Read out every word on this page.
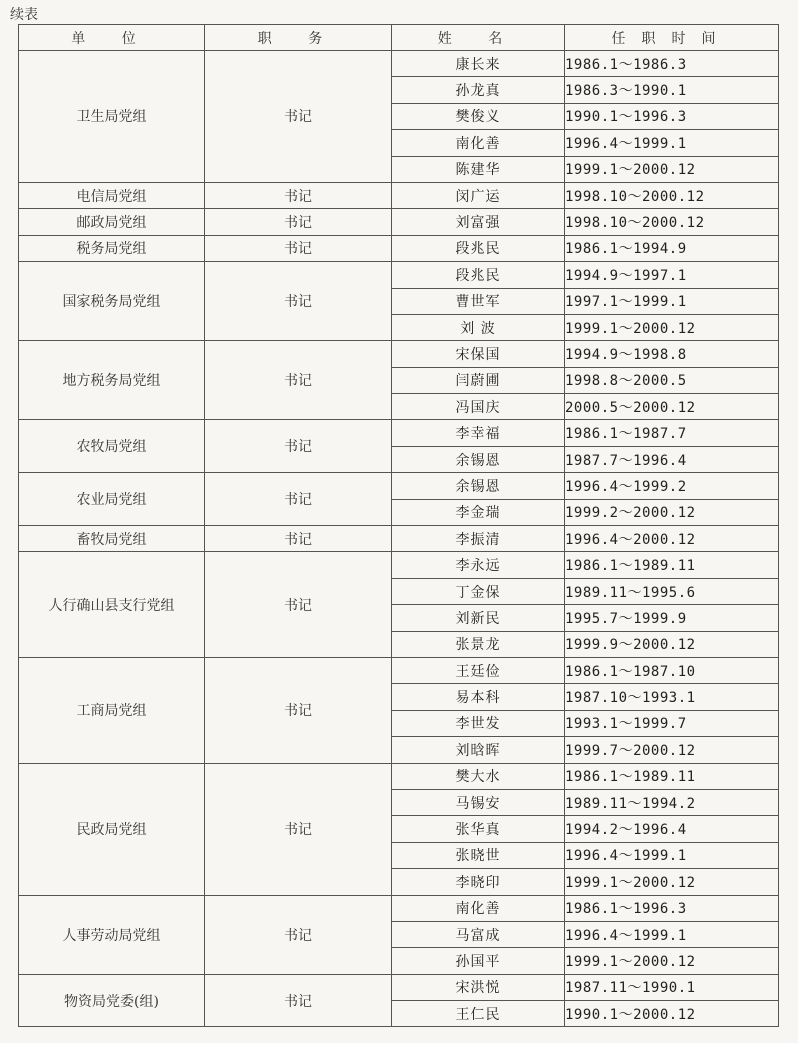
续表
单 位	职 务	姓 名	任职时间
卫生局党组	书记	康长来	1986.1～1986.3
		孙龙真	1986.3～1990.1
		樊俊义	1990.1～1996.3
		南化善	1996.4～1999.1
		陈建华	1999.1～2000.12
电信局党组	书记	闵广运	1998.10～2000.12
邮政局党组	书记	刘富强	1998.10～2000.12
税务局党组	书记	段兆民	1986.1～1994.9
国家税务局党组	书记	段兆民	1994.9～1997.1
		曹世军	1997.1～1999.1
		刘 波	1999.1～2000.12
地方税务局党组	书记	宋保国	1994.9～1998.8
		闫蔚圃	1998.8～2000.5
		冯国庆	2000.5～2000.12
农牧局党组	书记	李幸福	1986.1～1987.7
		余锡恩	1987.7～1996.4
农业局党组	书记	余锡恩	1996.4～1999.2
		李金瑞	1999.2～2000.12
畜牧局党组	书记	李振清	1996.4～2000.12
人行确山县支行党组	书记	李永远	1986.1～1989.11
		丁金保	1989.11～1995.6
		刘新民	1995.7～1999.9
		张景龙	1999.9～2000.12
工商局党组	书记	王廷俭	1986.1～1987.10
		易本科	1987.10～1993.1
		李世发	1993.1～1999.7
		刘晗晖	1999.7～2000.12
民政局党组	书记	樊大水	1986.1～1989.11
		马锡安	1989.11～1994.2
		张华真	1994.2～1996.4
		张晓世	1996.4～1999.1
		李晓印	1999.1～2000.12
人事劳动局党组	书记	南化善	1986.1～1996.3
		马富成	1996.4～1999.1
		孙国平	1999.1～2000.12
物资局党委(组)	书记	宋洪悦	1987.11～1990.1
		王仁民	1990.1～2000.12
